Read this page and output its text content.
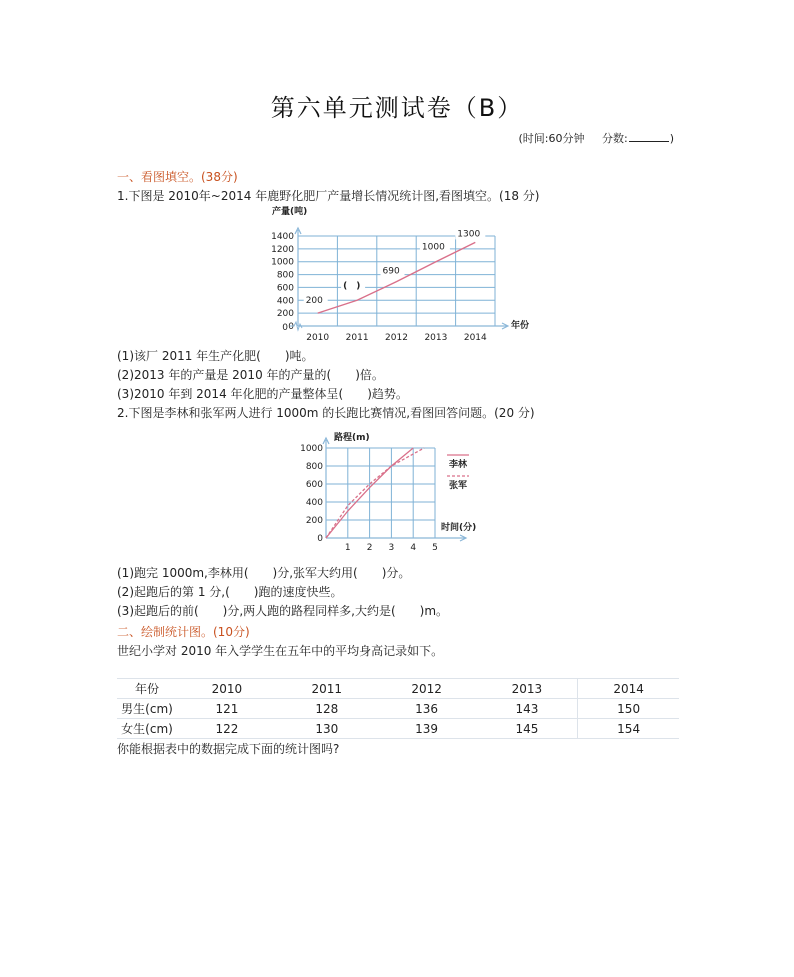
第六单元测试卷（B）
(时间:60分钟 分数:	)
一、看图填空。(38分)
1.下图是 2010年~2014 年鹿野化肥厂产量增长情况统计图,看图填空。(18 分)
0
200
400
600
800
1000
1200
1400
0
2010 2011 2012 2013 2014
产量(吨)
年份
200
(　)
690
1000
1300
(1)该厂 2011 年生产化肥(　　)吨。
(2)2013 年的产量是 2010 年的产量的(　　)倍。
(3)2010 年到 2014 年化肥的产量整体呈(　　)趋势。
2.下图是李林和张军两人进行 1000m 的长跑比赛情况,看图回答问题。(20 分)
0
200
400
600
800
1000
1 2 3 4 5
路程(m)
时间(分)
李林
张军
(1)跑完 1000m,李林用(　　)分,张军大约用(　　)分。
(2)起跑后的第 1 分,(　　)跑的速度快些。
(3)起跑后的前(　　)分,两人跑的路程同样多,大约是(　　)m。
二、绘制统计图。(10分)
世纪小学对 2010 年入学学生在五年中的平均身高记录如下。
年份	2010	2011	2012	2013	2014
男生(cm)	121	128	136	143	150
女生(cm)	122	130	139	145	154
你能根据表中的数据完成下面的统计图吗?
